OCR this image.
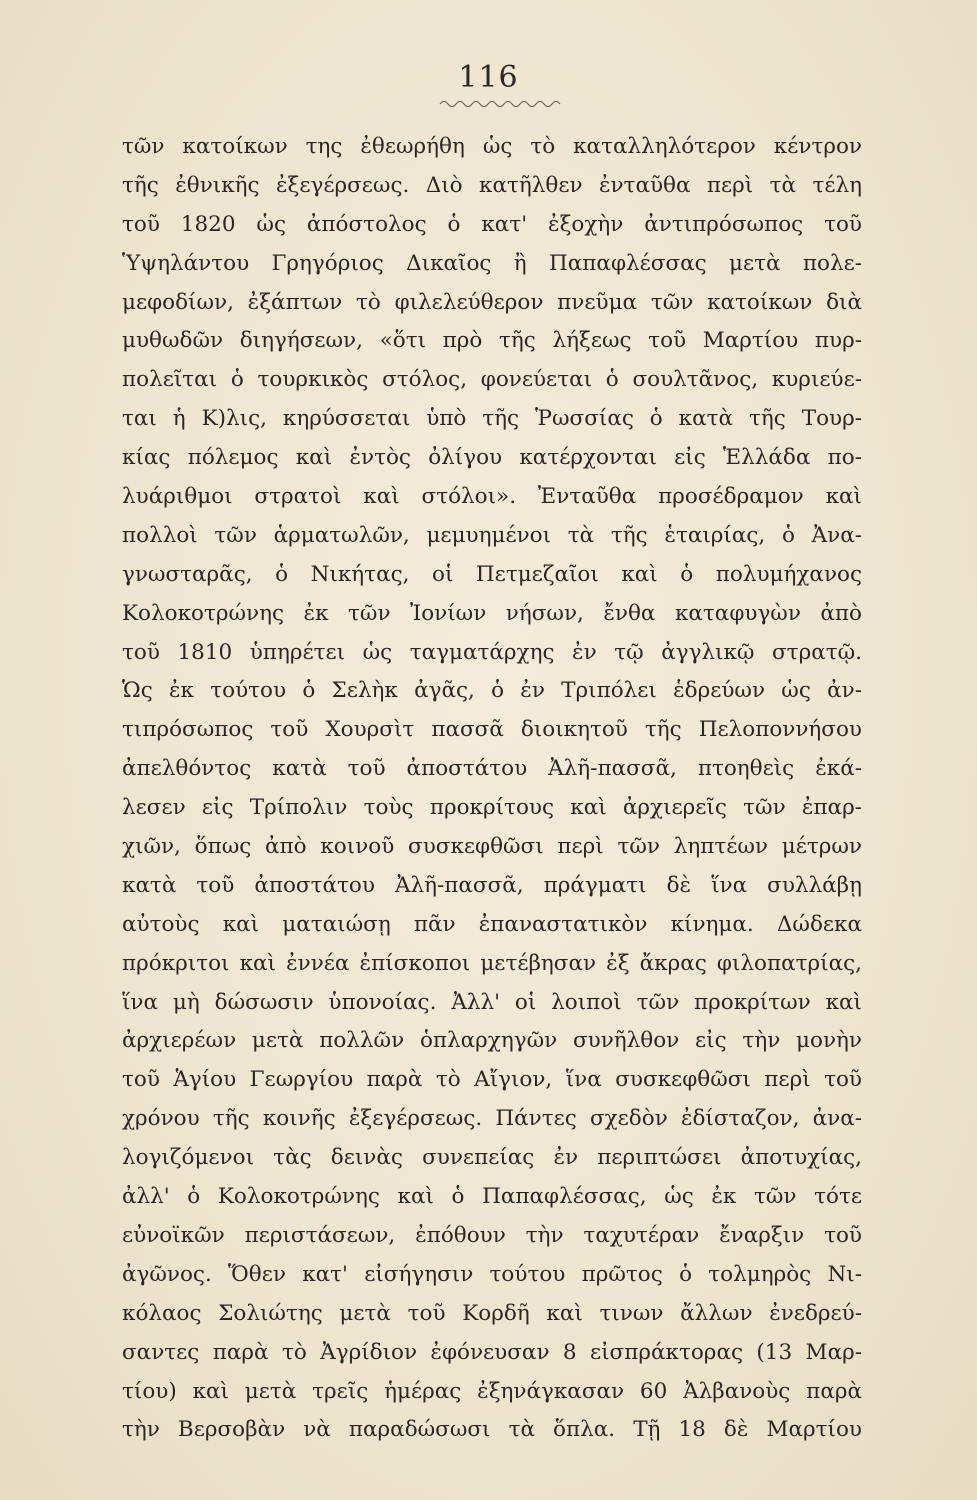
116
τῶν κατοίκων της ἐθεωρήθη ὡς τὸ καταλληλότερον κέντρον
τῆς ἐθνικῆς ἐξεγέρσεως. Διὸ κατῆλθεν ἐνταῦθα περὶ τὰ τέλη
τοῦ 1820 ὡς ἀπόστολος ὁ κατ' ἐξοχὴν ἀντιπρόσωπος τοῦ
Ὑψηλάντου Γρηγόριος Δικαῖος ἢ Παπαφλέσσας μετὰ πολε-
μεφοδίων, ἐξάπτων τὸ φιλελεύθερον πνεῦμα τῶν κατοίκων διὰ
μυθωδῶν διηγήσεων, «ὅτι πρὸ τῆς λήξεως τοῦ Μαρτίου πυρ-
πολεῖται ὁ τουρκικὸς στόλος, φονεύεται ὁ σουλτᾶνος, κυριεύε-
ται ἡ Κ)λις, κηρύσσεται ὑπὸ τῆς Ῥωσσίας ὁ κατὰ τῆς Τουρ-
κίας πόλεμος καὶ ἐντὸς ὀλίγου κατέρχονται εἰς Ἑλλάδα πο-
λυάριθμοι στρατοὶ καὶ στόλοι». Ἐνταῦθα προσέδραμον καὶ
πολλοὶ τῶν ἁρματωλῶν, μεμυημένοι τὰ τῆς ἑταιρίας, ὁ Ἀνα-
γνωσταρᾶς, ὁ Νικήτας, οἱ Πετμεζαῖοι καὶ ὁ πολυμήχανος
Κολοκοτρώνης ἐκ τῶν Ἰονίων νήσων, ἔνθα καταφυγὼν ἀπὸ
τοῦ 1810 ὑπηρέτει ὡς ταγματάρχης ἐν τῷ ἀγγλικῷ στρατῷ.
Ὡς ἐκ τούτου ὁ Σελὴκ ἀγᾶς, ὁ ἐν Τριπόλει ἑδρεύων ὡς ἀν-
τιπρόσωπος τοῦ Χουρσὶτ πασσᾶ διοικητοῦ τῆς Πελοποννήσου
ἀπελθόντος κατὰ τοῦ ἀποστάτου Ἀλῆ-πασσᾶ, πτοηθεὶς ἐκά-
λεσεν εἰς Τρίπολιν τοὺς προκρίτους καὶ ἀρχιερεῖς τῶν ἐπαρ-
χιῶν, ὅπως ἀπὸ κοινοῦ συσκεφθῶσι περὶ τῶν ληπτέων μέτρων
κατὰ τοῦ ἀποστάτου Ἀλῆ-πασσᾶ, πράγματι δὲ ἵνα συλλάβῃ
αὐτοὺς καὶ ματαιώσῃ πᾶν ἐπαναστατικὸν κίνημα. Δώδεκα
πρόκριτοι καὶ ἐννέα ἐπίσκοποι μετέβησαν ἐξ ἄκρας φιλοπατρίας,
ἵνα μὴ δώσωσιν ὑπονοίας. Ἀλλ' οἱ λοιποὶ τῶν προκρίτων καὶ
ἀρχιερέων μετὰ πολλῶν ὁπλαρχηγῶν συνῆλθον εἰς τὴν μονὴν
τοῦ Ἁγίου Γεωργίου παρὰ τὸ Αἴγιον, ἵνα συσκεφθῶσι περὶ τοῦ
χρόνου τῆς κοινῆς ἐξεγέρσεως. Πάντες σχεδὸν ἐδίσταζον, ἀνα-
λογιζόμενοι τὰς δεινὰς συνεπείας ἐν περιπτώσει ἀποτυχίας,
ἀλλ' ὁ Κολοκοτρώνης καὶ ὁ Παπαφλέσσας, ὡς ἐκ τῶν τότε
εὐνοϊκῶν περιστάσεων, ἐπόθουν τὴν ταχυτέραν ἔναρξιν τοῦ
ἀγῶνος. Ὅθεν κατ' εἰσήγησιν τούτου πρῶτος ὁ τολμηρὸς Νι-
κόλαος Σολιώτης μετὰ τοῦ Κορδῆ καὶ τινων ἄλλων ἐνεδρεύ-
σαντες παρὰ τὸ Ἀγρίδιον ἐφόνευσαν 8 εἰσπράκτορας (13 Μαρ-
τίου) καὶ μετὰ τρεῖς ἡμέρας ἐξηνάγκασαν 60 Ἀλβανοὺς παρὰ
τὴν Βερσοβὰν νὰ παραδώσωσι τὰ ὅπλα. Τῇ 18 δὲ Μαρτίου
